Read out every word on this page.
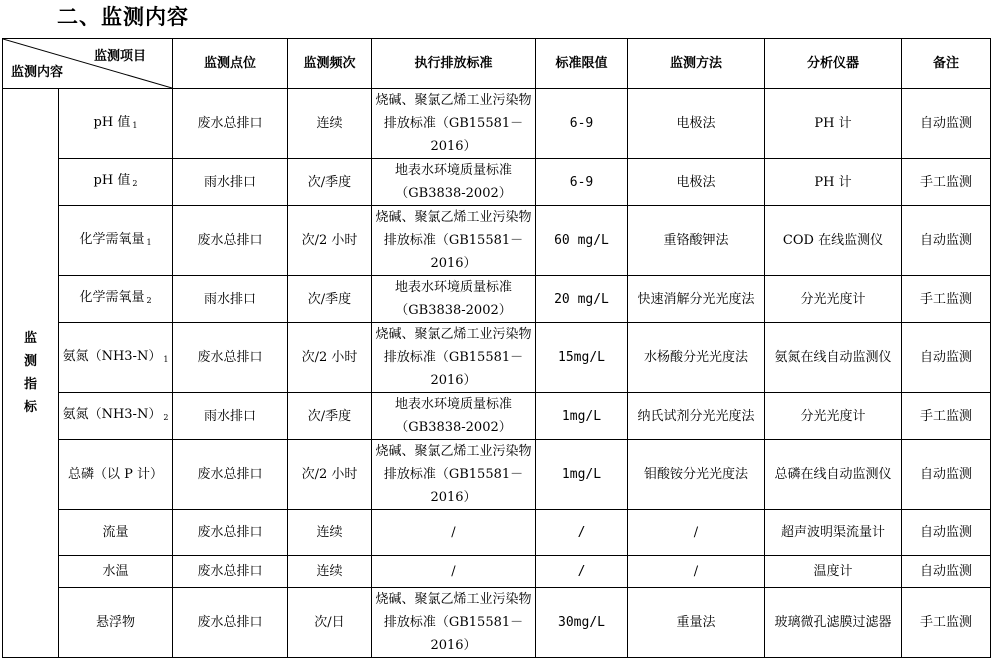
二、监测内容
监测项目
监测内容		监测点位	监测频次	执行排放标准	标准限值	监测方法	分析仪器	备注

监
测
指
标	pH 值 $_1$	废水总排口	连续	烧碱、聚氯乙烯工业污染物排放标准（GB15581－2016）	6-9	电极法	PH 计	自动监测
	pH 值 $_2$	雨水排口	次/季度	地表水环境质量标准（GB3838-2002）	6-9	电极法	PH 计	手工监测
	化学需氧量 $_1$	废水总排口	次/2 小时	烧碱、聚氯乙烯工业污染物排放标准（GB15581－2016）	60 mg/L	重铬酸钾法	COD 在线监测仪	自动监测
	化学需氧量 $_2$	雨水排口	次/季度	地表水环境质量标准（GB3838-2002）	20 mg/L	快速消解分光光度法	分光光度计	手工监测
	氨氮（NH3-N） $_1$	废水总排口	次/2 小时	烧碱、聚氯乙烯工业污染物排放标准（GB15581－2016）	15mg/L	水杨酸分光光度法	氨氮在线自动监测仪	自动监测
	氨氮（NH3-N） $_2$	雨水排口	次/季度	地表水环境质量标准（GB3838-2002）	1mg/L	纳氏试剂分光光度法	分光光度计	手工监测
	总磷（以 P 计）	废水总排口	次/2 小时	烧碱、聚氯乙烯工业污染物排放标准（GB15581－2016）	1mg/L	钼酸铵分光光度法	总磷在线自动监测仪	自动监测
	流量	废水总排口	连续	/	/	/	超声波明渠流量计	自动监测
	水温	废水总排口	连续	/	/	/	温度计	自动监测
	悬浮物	废水总排口	次/日	烧碱、聚氯乙烯工业污染物排放标准（GB15581－2016）	30mg/L	重量法	玻璃微孔滤膜过滤器	手工监测
